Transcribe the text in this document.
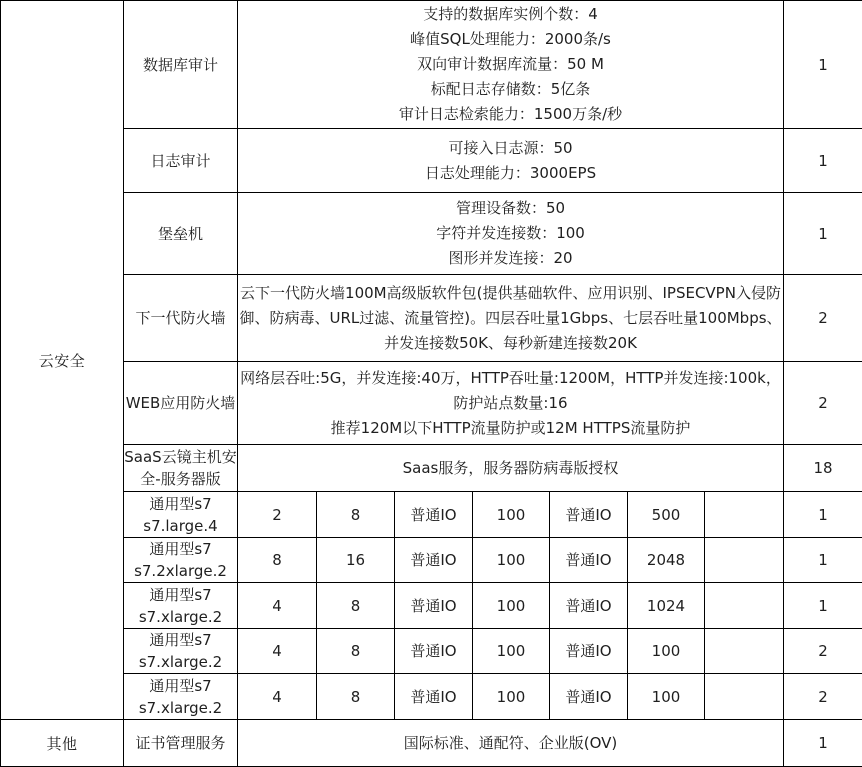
云安全	数据库审计	支持的数据库实例个数：4
峰值SQL处理能力：2000条/s
双向审计数据库流量：50 M
标配日志存储数：5亿条
审计日志检索能力：1500万条/秒							1
	日志审计	可接入日志源：50
日志处理能力：3000EPS							1
	堡垒机	管理设备数：50
字符并发连接数：100
图形并发连接：20							1
	下一代防火墙	云下一代防火墙100M高级版软件包(提供基础软件、应用识别、IPSECVPN入侵防御、防病毒、URL过滤、流量管控)。四层吞吐量1Gbps、七层吞吐量100Mbps、并发连接数50K、每秒新建连接数20K							2
	WEB应用防火墙	网络层吞吐:5G，并发连接:40万，HTTP吞吐量:1200M，HTTP并发连接:100k，防护站点数量:16
推荐120M以下HTTP流量防护或12M HTTPS流量防护							2
	SaaS云镜主机安全-服务器版	Saas服务，服务器防病毒版授权							18
	通用型s7 s7.large.4	2	8	普通IO	100	普通IO	500		1
	通用型s7 s7.2xlarge.2	8	16	普通IO	100	普通IO	2048		1
	通用型s7 s7.xlarge.2	4	8	普通IO	100	普通IO	1024		1
	通用型s7 s7.xlarge.2	4	8	普通IO	100	普通IO	100		2
	通用型s7 s7.xlarge.2	4	8	普通IO	100	普通IO	100		2
其他	证书管理服务	国际标准、通配符、企业版(OV)							1
